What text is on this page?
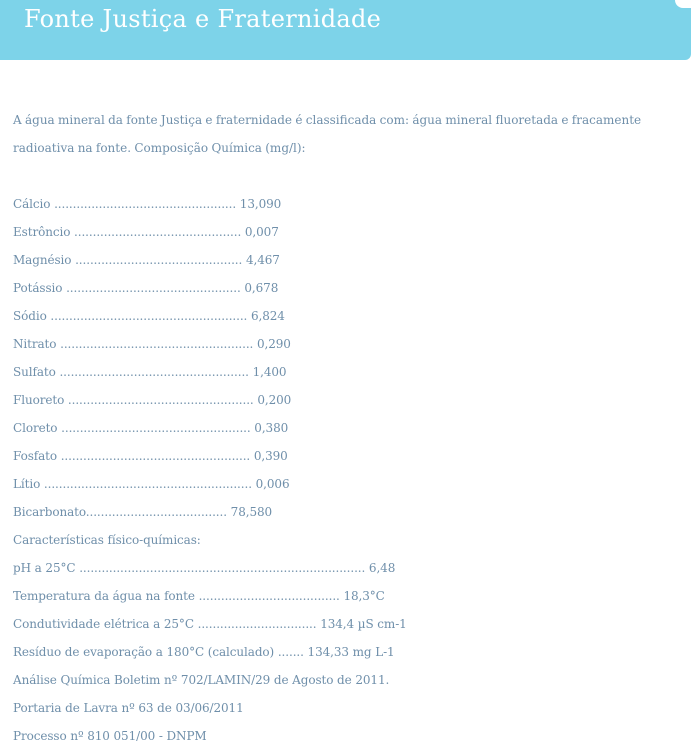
Fonte Justiça e Fraternidade

A água mineral da fonte Justiça e fraternidade é classificada com: água mineral fluoretada e fracamente radioativa na fonte. Composição Química (mg/l):

Cálcio ................................................. 13,090
Estrôncio ............................................. 0,007
Magnésio ............................................. 4,467
Potássio ............................................... 0,678
Sódio ..................................................... 6,824
Nitrato .................................................... 0,290
Sulfato ................................................... 1,400
Fluoreto .................................................. 0,200
Cloreto ................................................... 0,380
Fosfato ................................................... 0,390
Lítio ........................................................ 0,006
Bicarbonato...................................... 78,580
Características físico-químicas:
pH a 25°C ............................................................................. 6,48
Temperatura da água na fonte ...................................... 18,3°C
Condutividade elétrica a 25°C ................................ 134,4 µS cm-1
Resíduo de evaporação a 180°C (calculado) ....... 134,33 mg L-1
Análise Química Boletim nº 702/LAMIN/29 de Agosto de 2011.
Portaria de Lavra nº 63 de 03/06/2011
Processo nº 810 051/00 - DNPM
